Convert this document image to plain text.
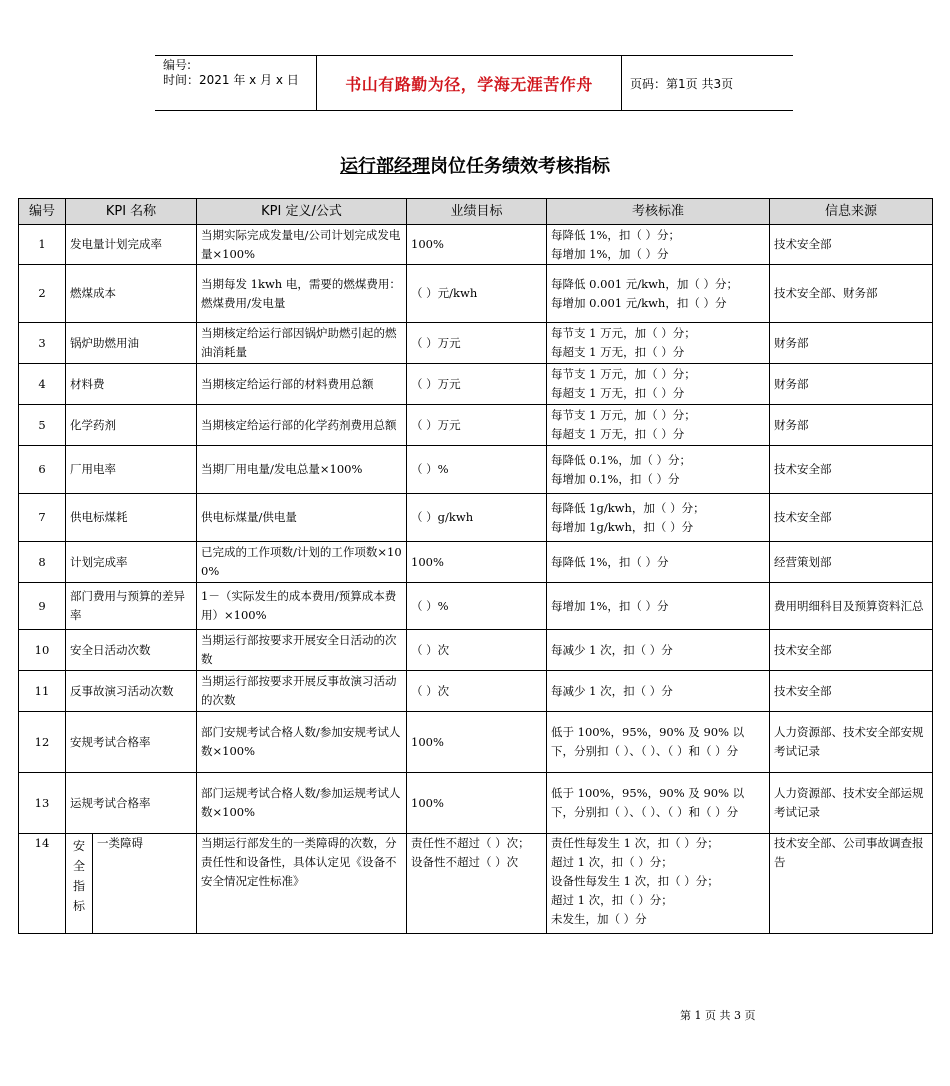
编号:
时间：2021 年 x 月 x 日	书山有路勤为径，学海无涯苦作舟	页码：第1页 共3页
运行部经理岗位任务绩效考核指标
编号	KPI 名称		KPI 定义/公式	业绩目标	考核标准	信息来源
1	发电量计划完成率		当期实际完成发量电/公司计划完成发电量×100%	100%	每降低 1%，扣（ ）分；
每增加 1%，加（ ）分	技术安全部
2	燃煤成本		当期每发 1kwh 电，需要的燃煤费用：燃煤费用/发电量	（ ）元/kwh	每降低 0.001 元/kwh，加（ ）分；
每增加 0.001 元/kwh，扣（ ）分	技术安全部、财务部
3	锅炉助燃用油		当期核定给运行部因锅炉助燃引起的燃油消耗量	（ ）万元	每节支 1 万元，加（ ）分；
每超支 1 万无，扣（ ）分	财务部
4	材料费		当期核定给运行部的材料费用总额	（ ）万元	每节支 1 万元，加（ ）分；
每超支 1 万无，扣（ ）分	财务部
5	化学药剂		当期核定给运行部的化学药剂费用总额	（ ）万元	每节支 1 万元，加（ ）分；
每超支 1 万无，扣（ ）分	财务部
6	厂用电率		当期厂用电量/发电总量×100%	（ ）%	每降低 0.1%，加（ ）分；
每增加 0.1%，扣（ ）分	技术安全部
7	供电标煤耗		供电标煤量/供电量	（ ）g/kwh	每降低 1g/kwh，加（ ）分；
每增加 1g/kwh，扣（ ）分	技术安全部
8	计划完成率		已完成的工作项数/计划的工作项数×100%	100%	每降低 1%，扣（ ）分	经营策划部
9	部门费用与预算的差异率		1－（实际发生的成本费用/预算成本费用）×100%	（ ）%	每增加 1%，扣（ ）分	费用明细科目及预算资料汇总
10	安全日活动次数		当期运行部按要求开展安全日活动的次数	（ ）次	每减少 1 次，扣（ ）分	技术安全部
11	反事故演习活动次数		当期运行部按要求开展反事故演习活动的次数	（ ）次	每减少 1 次，扣（ ）分	技术安全部
12	安规考试合格率		部门安规考试合格人数/参加安规考试人数×100%	100%	低于 100%，95%，90% 及 90% 以下，分别扣（ ）、（ ）、（ ）和（ ）分	人力资源部、技术安全部安规考试记录
13	运规考试合格率		部门运规考试合格人数/参加运规考试人数×100%	100%	低于 100%，95%，90% 及 90% 以下，分别扣（ ）、（ ）、（ ）和（ ）分	人力资源部、技术安全部运规考试记录
14	安全指标	一类障碍	当期运行部发生的一类障碍的次数，分责任性和设备性，具体认定见《设备不安全情况定性标准》	责任性不超过（ ）次；
设备性不超过（ ）次	责任性每发生 1 次，扣（ ）分；
超过 1 次，扣（ ）分；
设备性每发生 1 次，扣（ ）分；
超过 1 次，扣（ ）分；
未发生，加（ ）分	技术安全部、公司事故调查报告
第 1 页 共 3 页
